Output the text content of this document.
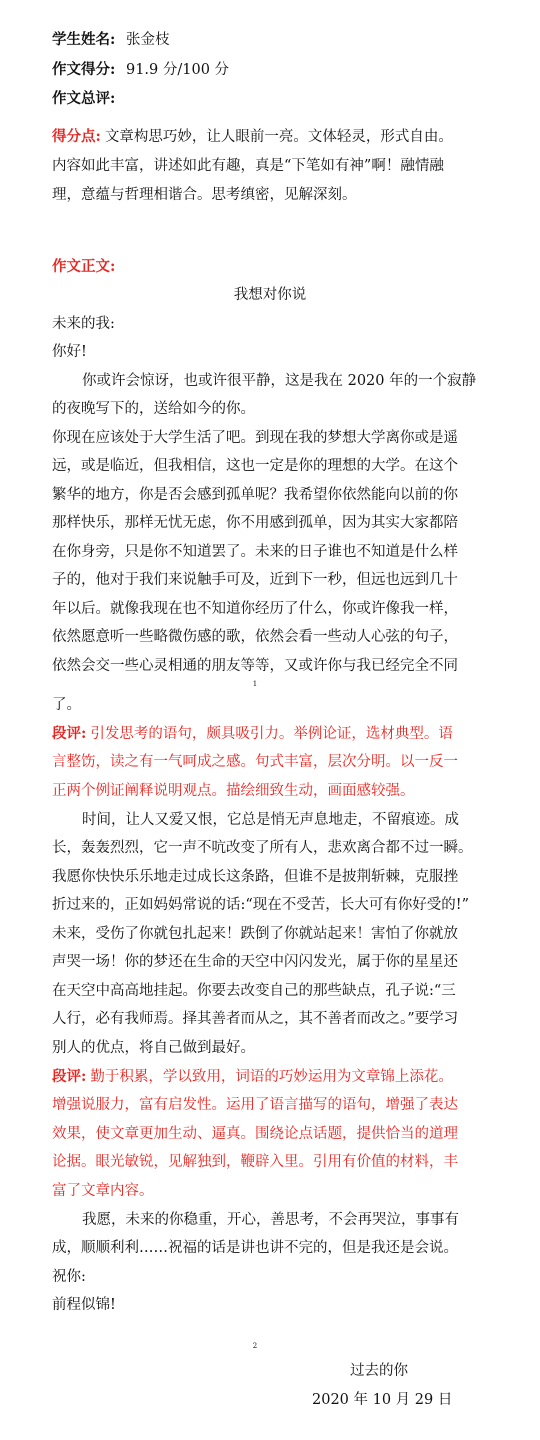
学生姓名: 张金枝
作文得分: 91.9 分/100 分
作文总评:
得分点: 文章构思巧妙，让人眼前一亮。文体轻灵，形式自由。
内容如此丰富，讲述如此有趣，真是“下笔如有神”啊！融情融
理，意蕴与哲理相谐合。思考缜密，见解深刻。
作文正文:
我想对你说
未来的我:
你好!
你或许会惊讶，也或许很平静，这是我在 2020 年的一个寂静
的夜晚写下的，送给如今的你。
你现在应该处于大学生活了吧。到现在我的梦想大学离你或是遥
远，或是临近，但我相信，这也一定是你的理想的大学。在这个
繁华的地方，你是否会感到孤单呢？我希望你依然能向以前的你
那样快乐，那样无忧无虑，你不用感到孤单，因为其实大家都陪
在你身旁，只是你不知道罢了。未来的日子谁也不知道是什么样
子的，他对于我们来说触手可及，近到下一秒，但远也远到几十
年以后。就像我现在也不知道你经历了什么，你或许像我一样，
依然愿意听一些略微伤感的歌，依然会看一些动人心弦的句子，
依然会交一些心灵相通的朋友等等，又或许你与我已经完全不同
1
了。
段评: 引发思考的语句，颇具吸引力。举例论证，选材典型。语
言整饬，读之有一气呵成之感。句式丰富，层次分明。以一反一
正两个例证阐释说明观点。描绘细致生动，画面感较强。
时间，让人又爱又恨，它总是悄无声息地走，不留痕迹。成
长，轰轰烈烈，它一声不吭改变了所有人，悲欢离合都不过一瞬。
我愿你快快乐乐地走过成长这条路，但谁不是披荆斩棘，克服挫
折过来的，正如妈妈常说的话:“现在不受苦，长大可有你好受的!”
未来，受伤了你就包扎起来！跌倒了你就站起来！害怕了你就放
声哭一场！你的梦还在生命的天空中闪闪发光，属于你的星星还
在天空中高高地挂起。你要去改变自己的那些缺点，孔子说:“三
人行，必有我师焉。择其善者而从之，其不善者而改之。”要学习
别人的优点，将自己做到最好。
段评: 勤于积累，学以致用，词语的巧妙运用为文章锦上添花。
增强说服力，富有启发性。运用了语言描写的语句，增强了表达
效果，使文章更加生动、逼真。围绕论点话题，提供恰当的道理
论据。眼光敏锐，见解独到，鞭辟入里。引用有价值的材料，丰
富了文章内容。
我愿，未来的你稳重，开心，善思考，不会再哭泣，事事有
成，顺顺利利……祝福的话是讲也讲不完的，但是我还是会说。
祝你:
前程似锦!
2
过去的你
2020 年 10 月 29 日
